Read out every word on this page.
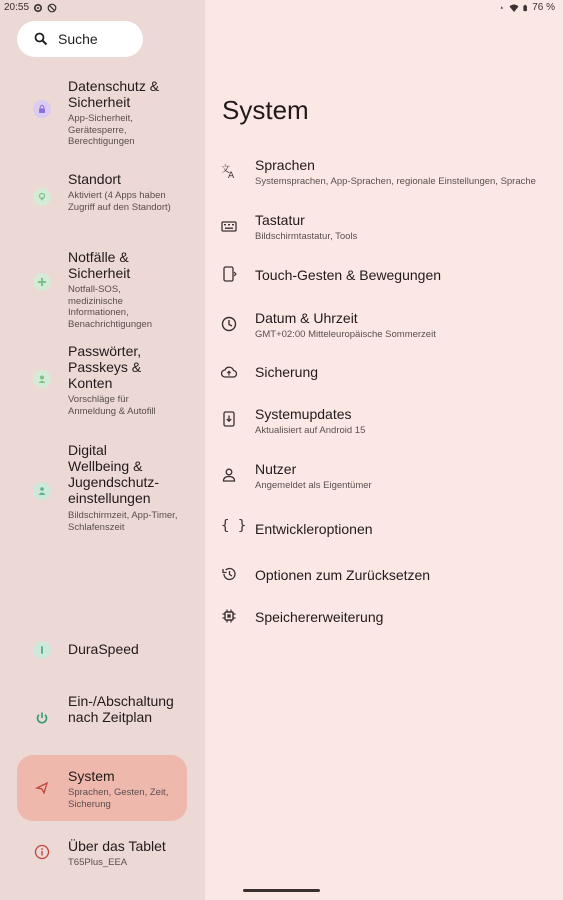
20:55	76 %
Suche
Datenschutz & Sicherheit
App-Sicherheit, Gerätesperre, Berechtigungen
Standort
Aktiviert (4 Apps haben Zugriff auf den Standort)
Notfälle & Sicherheit
Notfall-SOS, medizinische Informationen, Benachrichtigungen
Passwörter, Passkeys & Konten
Vorschläge für Anmeldung & Autofill
Digital Wellbeing & Jugendschutz-einstellungen
Bildschirmzeit, App-Timer, Schlafenszeit
DuraSpeed
Ein-/Abschaltung nach Zeitplan
System
Sprachen, Gesten, Zeit, Sicherung
Über das Tablet
T65Plus_EEA
System
文
A
Sprachen
Systemsprachen, App-Sprachen, regionale Einstellungen, Sprache
Tastatur
Bildschirmtastatur, Tools
Touch-Gesten & Bewegungen
Datum & Uhrzeit
GMT+02:00 Mitteleuropäische Sommerzeit
Sicherung
Systemupdates
Aktualisiert auf Android 15
Nutzer
Angemeldet als Eigentümer
{ } Entwickleroptionen
Optionen zum Zurücksetzen
Speichererweiterung
